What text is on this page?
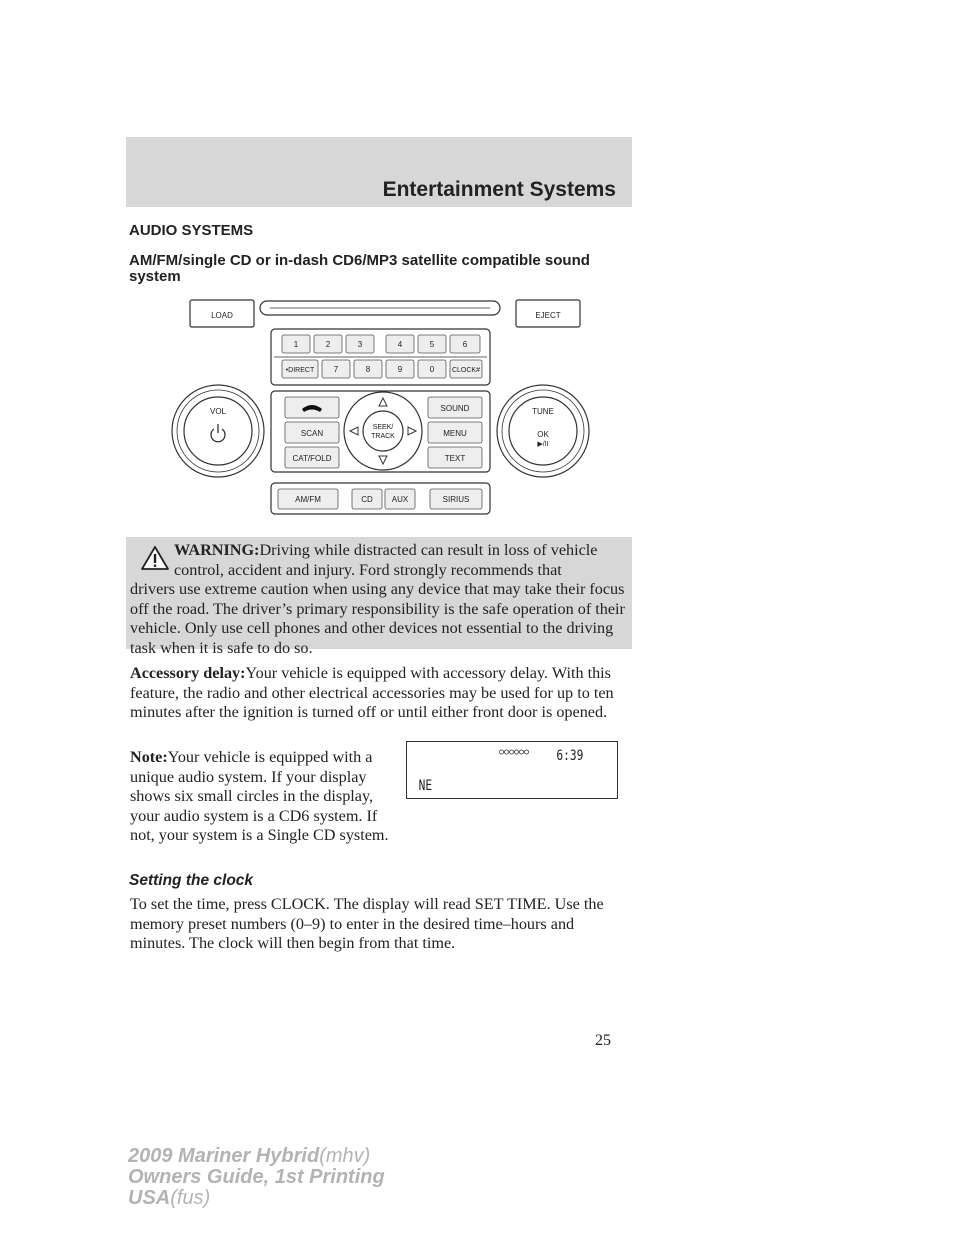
Entertainment Systems
AUDIO SYSTEMS
AM/FM/single CD or in-dash CD6/MP3 satellite compatible sound system
LOAD	EJECT
1	2	3	4	5	6
•DIRECT 7	8	9	0	CLOCK#
VOL
SCAN
CAT/FOLD
SEEK/
TRACK
SOUND
MENU
TEXT
TUNE
OK
▶/II
AM/FM	CD AUX	SIRIUS
WARNING:Driving while distracted can result in loss of vehicle
control, accident and injury. Ford strongly recommends that
drivers use extreme caution when using any device that may take their focus off the road. The driver’s primary responsibility is the safe operation of their vehicle. Only use cell phones and other devices not essential to the driving task when it is safe to do so.
Accessory delay:Your vehicle is equipped with accessory delay. With this feature, the radio and other electrical accessories may be used for up to ten minutes after the ignition is turned off or until either front door is opened.
Note:Your vehicle is equipped with a unique audio system. If your display shows six small circles in the display, your audio system is a CD6 system. If not, your system is a Single CD system.
6:39
NE
Setting the clock
To set the time, press CLOCK. The display will read SET TIME. Use the memory preset numbers (0–9) to enter in the desired time–hours and minutes. The clock will then begin from that time.
25
2009 Mariner Hybrid(mhv)
Owners Guide, 1st Printing
USA(fus)
